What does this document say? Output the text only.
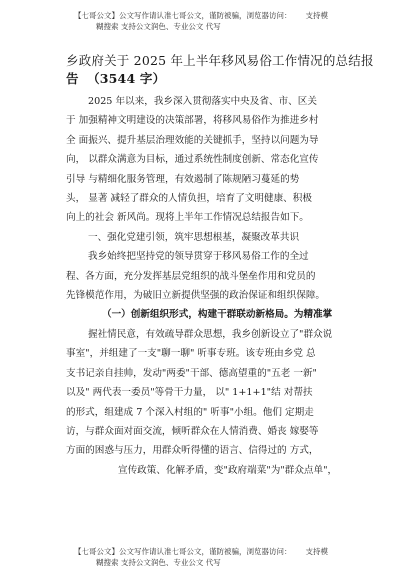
【七哥公文】公文写作请认准七哥公文，谨防被骗，浏览器访问： 支持模
糊搜索 支持公文润色、专业公文 代写
乡政府关于 2025 年上半年移风易俗工作情况的总结报
告 （3544 字）
2025 年以来，我乡深入贯彻落实中央及省、市、区关
于 加强精神文明建设的决策部署，将移风易俗作为推进乡村
全 面振兴、提升基层治理效能的关键抓手，坚持以问题为导
向， 以群众满意为目标，通过系统性制度创新、常态化宣传
引导 与精细化服务管理，有效遏制了陈规陋习蔓延的势
头， 显著 减轻了群众的人情负担，培育了文明健康、积极
向上的社会 新风尚。现将上半年工作情况总结报告如下。
一、强化党建引领，筑牢思想根基，凝聚改革共识
我乡始终把坚持党的领导贯穿于移风易俗工作的全过
程、各方面，充分发挥基层党组织的战斗堡垒作用和党员的
先锋模范作用，为破旧立新提供坚强的政治保证和组织保障。
（一）创新组织形式，构建干群联动新格局。为精准掌
握社情民意，有效疏导群众思想，我乡创新设立了"群众说
事室"，并组建了一支"聊一聊" 听事专班。该专班由乡党 总
支书记亲自挂帅，发动"两委"干部、德高望重的"五老 一新"
以及" 两代表一委员"等骨干力量， 以" 1+1+1"结 对帮扶
的形式，组建成 7 个深入村组的" 听事"小组。他们 定期走
访，与群众面对面交流，倾听群众在人情消费、婚丧 嫁娶等
方面的困惑与压力，用群众听得懂的语言、信得过的 方式，
宣传政策、化解矛盾，变"政府端菜"为"群众点单"，
【七哥公文】公文写作请认准七哥公文，谨防被骗，浏览器访问： 支持模
糊搜索 支持公文润色、专业公文 代写
